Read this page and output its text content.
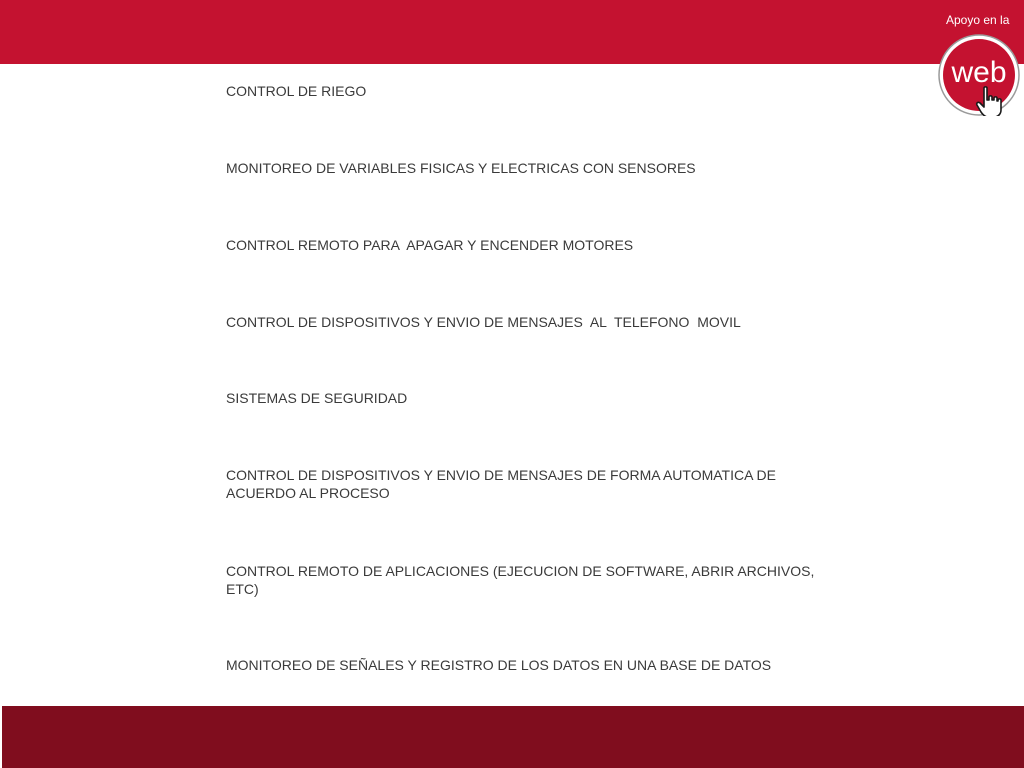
Apoyo en la
web
CONTROL DE RIEGO
MONITOREO DE VARIABLES FISICAS Y ELECTRICAS CON SENSORES
CONTROL REMOTO PARA  APAGAR Y ENCENDER MOTORES
CONTROL DE DISPOSITIVOS Y ENVIO DE MENSAJES  AL  TELEFONO  MOVIL
SISTEMAS DE SEGURIDAD
CONTROL DE DISPOSITIVOS Y ENVIO DE MENSAJES DE FORMA AUTOMATICA DE ACUERDO AL PROCESO
CONTROL REMOTO DE APLICACIONES (EJECUCION DE SOFTWARE, ABRIR ARCHIVOS, ETC)
MONITOREO DE SEÑALES Y REGISTRO DE LOS DATOS EN UNA BASE DE DATOS
